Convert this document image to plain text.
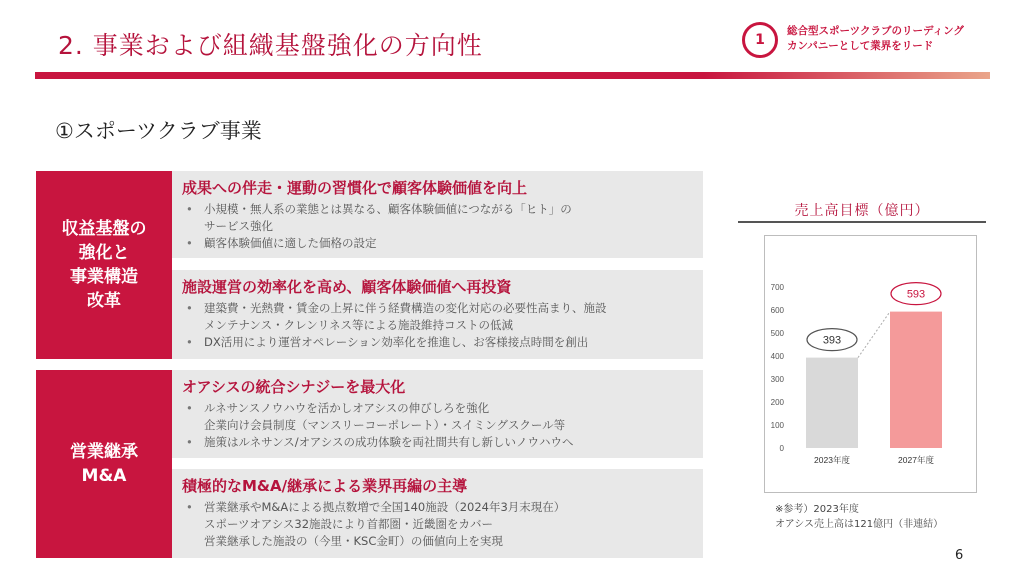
2. 事業および組織基盤強化の方向性	1
総合型スポーツクラブのリーディング
カンパニーとして業界をリード
①スポーツクラブ事業
収益基盤の
強化と
事業構造
改革
営業継承
M&A
成果への伴走・運動の習慣化で顧客体験価値を向上
• 小規模・無人系の業態とは異なる、顧客体験価値につながる「ヒト」の
サービス強化
• 顧客体験価値に適した価格の設定
施設運営の効率化を高め、顧客体験価値へ再投資
• 建築費・光熱費・賃金の上昇に伴う経費構造の変化対応の必要性高まり、施設
メンテナンス・クレンリネス等による施設維持コストの低減
• DX活用により運営オペレーション効率化を推進し、お客様接点時間を創出
オアシスの統合シナジーを最大化
• ルネサンスノウハウを活かしオアシスの伸びしろを強化
企業向け会員制度（マンスリーコーポレート）・スイミングスクール等
• 施策はルネサンス/オアシスの成功体験を両社間共有し新しいノウハウへ
積極的なM&A/継承による業界再編の主導
• 営業継承やM&Aによる拠点数増で全国140施設（2024年3月末現在）
スポーツオアシス32施設により首都圏・近畿圏をカバー
営業継承した施設の（今里・KSC金町）の価値向上を実現
売上高目標（億円）
0
100
200
300
400
500
600
700
2023年度	2027年度
393
593
※参考）2023年度
オアシス売上高は121億円（非連結）
6
